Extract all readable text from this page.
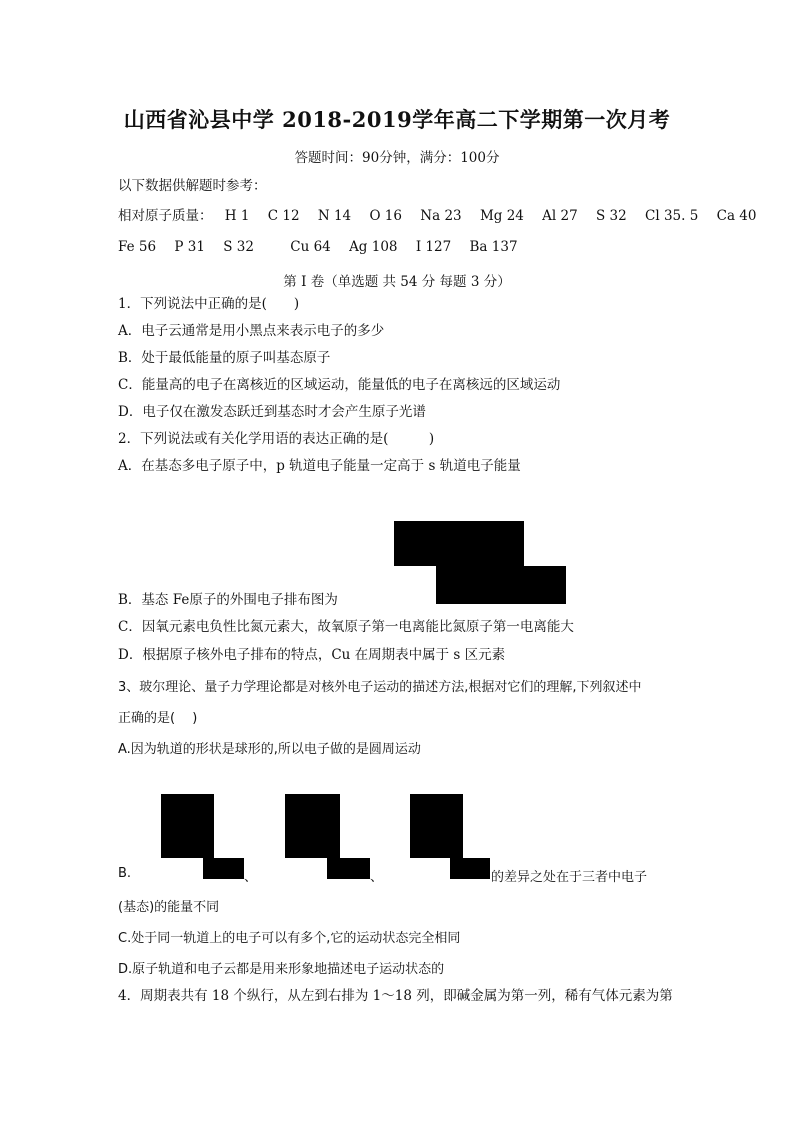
山西省沁县中学 2018-2019学年高二下学期第一次月考
答题时间：90分钟，满分：100分
以下数据供解题时参考：
相对原子质量： H 1 C 12 N 14 O 16 Na 23 Mg 24 Al 27 S 32 Cl 35. 5 Ca 40
Fe 56 P 31 S 32	Cu 64 Ag 108 I 127 Ba 137
第 I 卷（单选题 共 54 分 每题 3 分）
1．下列说法中正确的是(　　)
A．电子云通常是用小黑点来表示电子的多少
B．处于最低能量的原子叫基态原子
C．能量高的电子在离核近的区域运动，能量低的电子在离核远的区域运动
D．电子仅在激发态跃迁到基态时才会产生原子光谱
2．下列说法或有关化学用语的表达正确的是(　　　)
A．在基态多电子原子中，p 轨道电子能量一定高于 s 轨道电子能量
B．基态 Fe原子的外围电子排布图为
C．因氧元素电负性比氮元素大，故氧原子第一电离能比氮原子第一电离能大
D．根据原子核外电子排布的特点，Cu 在周期表中属于 s 区元素
3、玻尔理论、量子力学理论都是对核外电子运动的描述方法,根据对它们的理解,下列叙述中
正确的是(　 )
A.因为轨道的形状是球形的,所以电子做的是圆周运动
B.	、	、	的差异之处在于三者中电子
(基态)的能量不同
C.处于同一轨道上的电子可以有多个,它的运动状态完全相同
D.原子轨道和电子云都是用来形象地描述电子运动状态的
4．周期表共有 18 个纵行，从左到右排为 1～18 列，即碱金属为第一列，稀有气体元素为第
